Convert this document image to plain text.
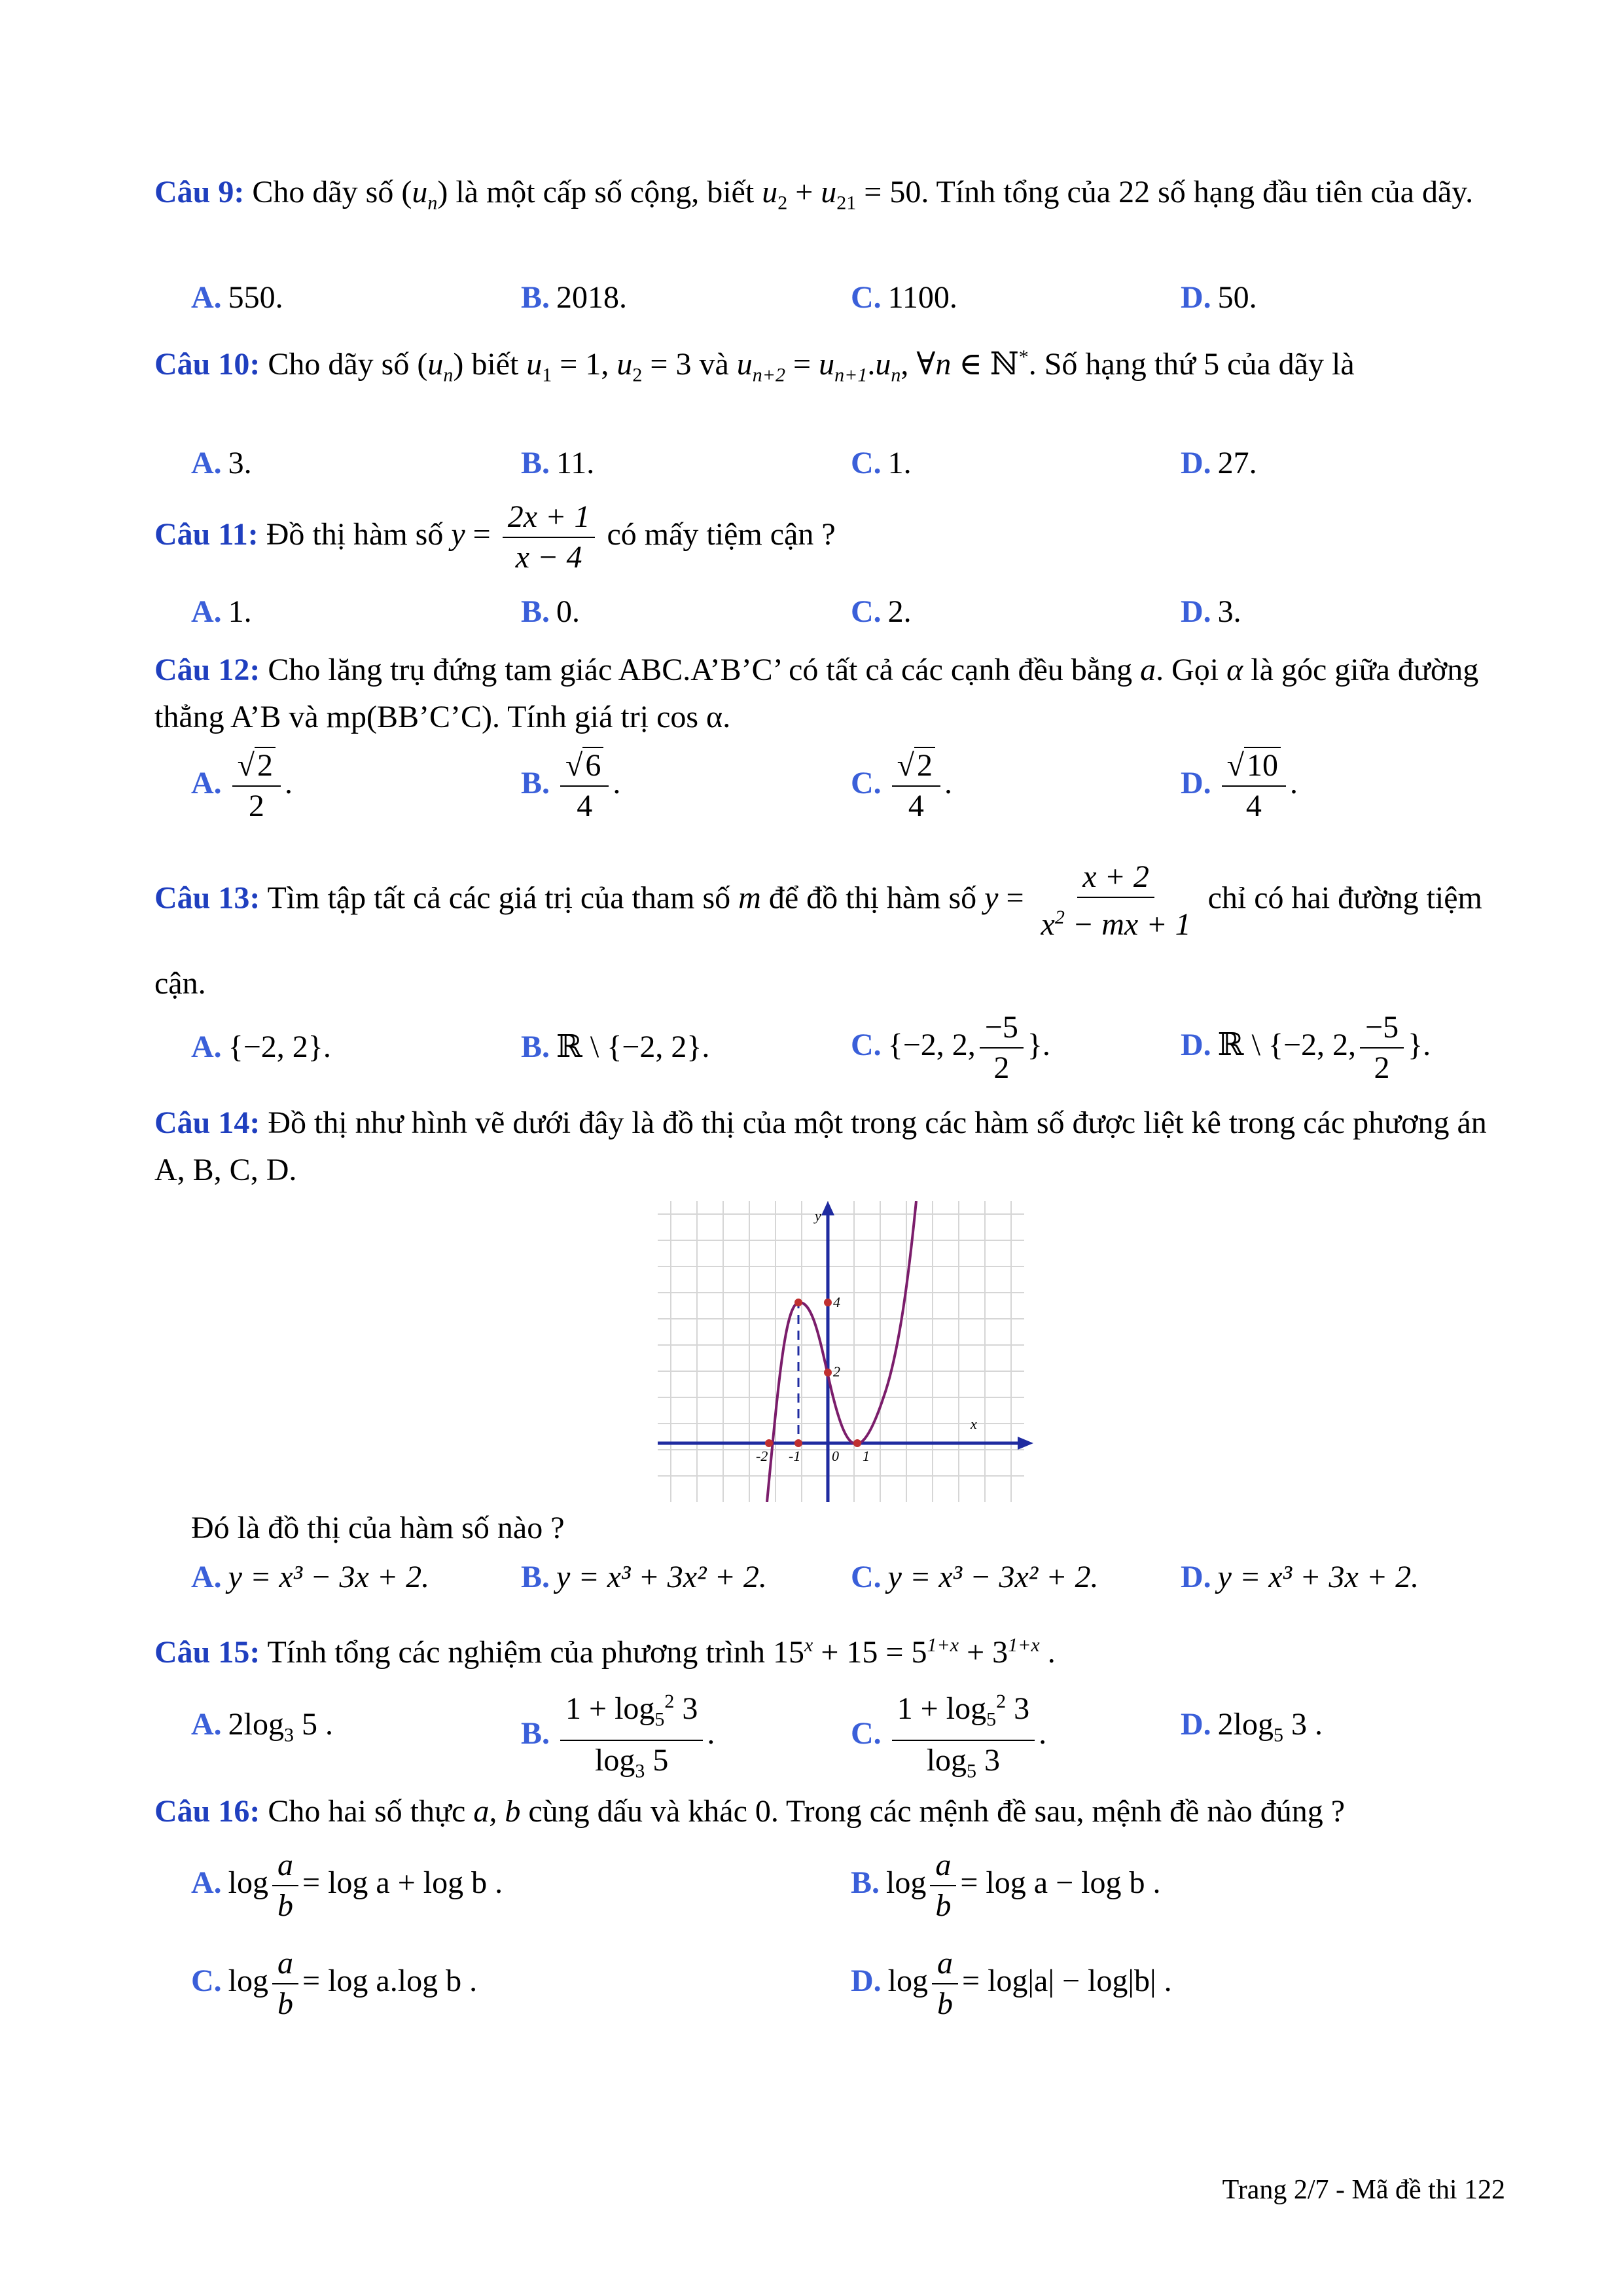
Câu 9: Cho dãy số $(u_n)$ là một cấp số cộng, biết $u_2 + u_{21} = 50$. Tính tổng của 22 số hạng đầu tiên của dãy.
A. 550.	B. 2018.	C. 1100.	D. 50.
Câu 10: Cho dãy số $(u_n)$ biết $u_1 = 1$, $u_2 = 3$ và $u_{n+2} = u_{n+1}.u_n$, ∀n ∈ ℕ*. Số hạng thứ 5 của dãy là
A. 3.	B. 11.	C. 1.	D. 27.
Câu 11: Đồ thị hàm số $y = \frac{2x + 1}{x - 4}$ có mấy tiệm cận ?
A. 1.	B. 0.	C. 2.	D. 3.
Câu 12: Cho lăng trụ đứng tam giác ABC.A’B’C’ có tất cả các cạnh đều bằng a. Gọi α là góc giữa đường thẳng A’B và mp(BB’C’C). Tính giá trị cos α.
A. $\frac{√2}{2}$ .	B. $\frac{√6}{4}$ .	C. $\frac{√2}{4}$ .	D. $\frac{√10}{4}$ .
Câu 13: Tìm tập tất cả các giá trị của tham số m để đồ thị hàm số $y = \frac{x + 2}{x^2 - mx + 1}$ chỉ có hai đường tiệm cận.
A. {−2, 2}.	B. ℝ \ {−2, 2}.	C. {−2, 2, $\frac{-5}{2}$ }.	D. ℝ \ {−2, 2, $\frac{-5}{2}$ }.
Câu 14: Đồ thị như hình vẽ dưới đây là đồ thị của một trong các hàm số được liệt kê trong các phương án A, B, C, D.
y
x
4
2
-2 -1 0 1
Đó là đồ thị của hàm số nào ?
A. y = x³ − 3x + 2.	B. y = x³ + 3x² + 2.	C. y = x³ − 3x² + 2.	D. y = x³ + 3x + 2.
Câu 15: Tính tổng các nghiệm của phương trình $15^x + 15 = 5^{1+x} + 3^{1+x}$ .
A. $2\log_3$ 5 .	B. $\frac{1 + \log_5^2 3}{\log_3 5}$ .	C. $\frac{1 + \log_5^2 3}{\log_5 3}$ .	D. $2\log_5$ 3 .
Câu 16: Cho hai số thực a, b cùng dấu và khác 0. Trong các mệnh đề sau, mệnh đề nào đúng ?
A. $\log \frac{a}{b} = \log a + \log b$ .	B. $\log \frac{a}{b} = \log a - \log b$ .
C. $\log \frac{a}{b} = \log a.\log$ b .	D. $\log \frac{a}{b} = \log|a| - \log|b|$ .
Trang 2/7 - Mã đề thi 122
